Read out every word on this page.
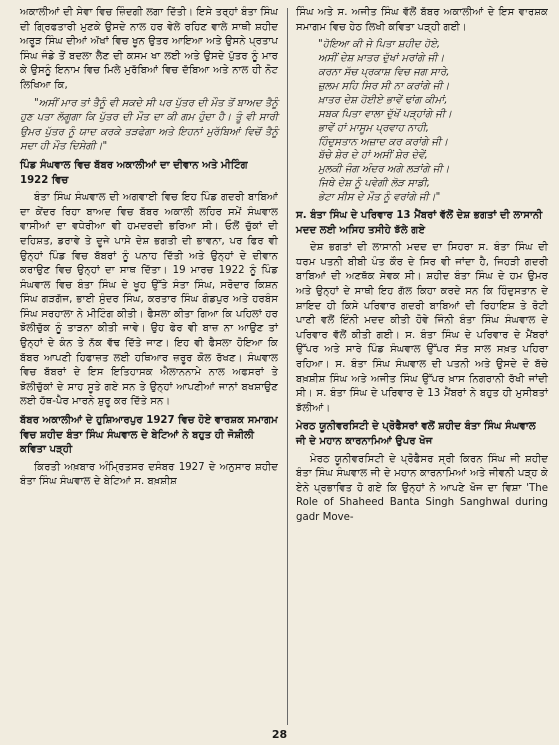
ਅਕਾਲੀਆਂ ਦੀ ਸੇਵਾ ਵਿਚ ਜ਼ਿੰਦਗੀ ਲਗਾ ਦਿੱਤੀ। ਇਸੇ ਤਰ੍ਹਾਂ ਬੰਤਾ ਸਿੰਘ ਦੀ ਗ੍ਰਿਫਤਾਰੀ ਮੁਣਕੇ ਉਸਦੇ ਨਾਲ ਹਰ ਵੇਲੇ ਰਹਿਣ ਵਾਲੇ ਸਾਥੀ ਸ਼ਹੀਦ ਅਰੂੜ ਸਿੰਘ ਦੀਆਂ ਅੱਖਾਂ ਵਿਚ ਖੂਨ ਉਤਰ ਆਇਆ ਅਤੇ ਉਸਨੇ ਪ੍ਰਤਾਪ ਸਿੰਘ ਜੰਡੇ ਤੋਂ ਬਦਲਾ ਲੈਣ ਦੀ ਕਸਮ ਖਾ ਲਈ ਅਤੇ ਉਸਦੇ ਪੁੱਤਰ ਨੂੰ ਮਾਰ ਕੇ ਉਸਨੂੰ ਇਨਾਮ ਵਿਚ ਮਿਲੇ ਮੁਰੱਬਿਆਂ ਵਿਚ ਦੱਬਿਆ ਅਤੇ ਨਾਲ ਹੀ ਨੋਟ ਲਿਖਿਆ ਕਿ,

"ਅਸੀਂ ਮਾਰ ਤਾਂ ਤੈਨੂੰ ਵੀ ਸਕਦੇ ਸੀ ਪਰ ਪੁੱਤਰ ਦੀ ਮੌਤ ਤੋਂ ਬਾਅਦ ਤੈਨੂੰ ਹੁਣ ਪਤਾ ਲੱਗੂਗਾ ਕਿ ਪੁੱਤਰ ਦੀ ਮੌਤ ਦਾ ਕੀ ਗਮ ਹੁੰਦਾ ਹੈ। ਤੂੰ ਵੀ ਸਾਰੀ ਉਮਰ ਪੁੱਤਰ ਨੂੰ ਯਾਦ ਕਰਕੇ ਤੜਫੇਗਾ ਅਤੇ ਇਹਨਾਂ ਮੁਰੱਬਿਆਂ ਵਿਚੋਂ ਤੈਨੂੰ ਸਦਾ ਹੀ ਮੌਤ ਦਿਸੇਗੀ।"

ਪਿੰਡ ਸੰਘਵਾਲ ਵਿਚ ਬੱਬਰ ਅਕਾਲੀਆਂ ਦਾ ਦੀਵਾਨ ਅਤੇ ਮੀਟਿੰਗ 1922 ਵਿਚ

ਬੰਤਾ ਸਿੰਘ ਸੰਘਵਾਲ ਦੀ ਅਗਵਾਈ ਵਿਚ ਇਹ ਪਿੰਡ ਗਦਰੀ ਬਾਬਿਆਂ ਦਾ ਕੇਂਦਰ ਰਿਹਾ ਬਾਅਦ ਵਿਚ ਬੱਬਰ ਅਕਾਲੀ ਲਹਿਰ ਸਮੇਂ ਸੰਘਵਾਲ ਵਾਸੀਆਂ ਦਾ ਵਧੇਰੀਆ ਵੀ ਹਮਦਰਦੀ ਭਰਿਆ ਸੀ। ਓਲੋਂ ਚੁੱਕਾਂ ਦੀ ਦਹਿਸ਼ਤ, ਡਰਾਵੇ ਤੇ ਦੂਜੇ ਪਾਸੇ ਦੇਸ਼ ਭਗਤੀ ਦੀ ਭਾਵਨਾ, ਪਰ ਫਿਰ ਵੀ ਉਨ੍ਹਾਂ ਪਿੰਡ ਵਿਚ ਬੱਬਰਾਂ ਨੂੰ ਪਨਾਹ ਦਿੱਤੀ ਅਤੇ ਉਨ੍ਹਾਂ ਦੇ ਦੀਵਾਨ ਕਰਾਉਣ ਵਿਚ ਉਨ੍ਹਾਂ ਦਾ ਸਾਥ ਦਿੱਤਾ। 19 ਮਾਰਚ 1922 ਨੂੰ ਪਿੰਡ ਸੰਘਵਾਲ ਵਿਚ ਬੰਤਾ ਸਿੰਘ ਦੇ ਖੂਹ ਉੱਤੇ ਸੰਤਾ ਸਿੰਘ, ਸਰੋਦਾਰ ਕਿਸ਼ਨ ਸਿੰਘ ਗੜਗੱਜ, ਭਾਈ ਸੁੰਦਰ ਸਿੰਘ, ਕਰਤਾਰ ਸਿੰਘ ਗੰਡਪੁਰ ਅਤੇ ਹਰਬੰਸ ਸਿੰਘ ਸਰਹਾਲਾ ਨੇ ਮੀਟਿੰਗ ਕੀਤੀ। ਫੈਸਲਾ ਕੀਤਾ ਗਿਆ ਕਿ ਪਹਿਲਾਂ ਹਰ ਝੋਲੀਚੁੱਕ ਨੂੰ ਤਾੜਨਾ ਕੀਤੀ ਜਾਵੇ। ਉਹ ਫੇਰ ਵੀ ਬਾਜ਼ ਨਾ ਆਉਣ ਤਾਂ ਉਨ੍ਹਾਂ ਦੇ ਕੰਨ ਤੇ ਨੱਕ ਵੱਢ ਦਿੱਤੇ ਜਾਣ। ਇਹ ਵੀ ਫੈਸਲਾ ਹੋਇਆ ਕਿ ਬੱਬਰ ਆਪਣੀ ਹਿਫਾਜ਼ਤ ਲਈ ਹਥਿਆਰ ਜ਼ਰੂਰ ਕੋਲ ਰੱਖਣ। ਸੰਘਵਾਲ ਵਿਚ ਬੱਬਰਾਂ ਦੇ ਇਸ ਇਤਿਹਾਸਕ ਐਲਾਨਨਾਮੇ ਨਾਲ ਅਫਸਰਾਂ ਤੇ ਝੋਲੀਚੁੱਕਾਂ ਦੇ ਸਾਹ ਸੂਤੇ ਗਏ ਸਨ ਤੇ ਉਨ੍ਹਾਂ ਆਪਣੀਆਂ ਜਾਨਾਂ ਬਖਸ਼ਾਉਣ ਲਈ ਹੱਥ-ਪੈਰ ਮਾਰਨੇ ਸ਼ੁਰੂ ਕਰ ਦਿੱਤੇ ਸਨ।

ਬੱਬਰ ਅਕਾਲੀਆਂ ਦੇ ਹੁਸ਼ਿਆਰਪੁਰ 1927 ਵਿਚ ਹੋਏ ਵਾਰਸ਼ਕ ਸਮਾਗਮ ਵਿਚ ਸ਼ਹੀਦ ਬੰਤਾ ਸਿੰਘ ਸੰਘਵਾਲ ਦੇ ਬੇਟਿਆਂ ਨੇ ਬਹੁਤ ਹੀ ਜੋਸ਼ੀਲੀ ਕਵਿਤਾ ਪੜ੍ਹੀ

ਕਿਰਤੀ ਅਖ਼ਬਾਰ ਅੰਮ੍ਰਿਤਸਰ ਦਸੰਬਰ 1927 ਦੇ ਅਨੁਸਾਰ ਸ਼ਹੀਦ ਬੰਤਾ ਸਿੰਘ ਸੰਘਵਾਲ ਦੇ ਬੇਟਿਆਂ ਸ. ਬਖ਼ਸ਼ੀਸ਼

ਸਿੰਘ ਅਤੇ ਸ. ਅਜੀਤ ਸਿੰਘ ਵੱਲੋਂ ਬੱਬਰ ਅਕਾਲੀਆਂ ਦੇ ਇਸ ਵਾਰਸ਼ਕ ਸਮਾਗਮ ਵਿਚ ਹੇਠ ਲਿਖੀ ਕਵਿਤਾ ਪੜ੍ਹੀ ਗਈ।

"ਹੋਇਆ ਕੀ ਜੇ ਪਿਤਾ ਸ਼ਹੀਦ ਹੋਏ,
ਅਸੀਂ ਦੇਸ਼ ਖ਼ਾਤਰ ਦੁੱਖਾਂ ਮਰਾਂਗੇ ਜੀ।
ਕਰਨਾ ਸੱਚ ਪ੍ਰਕਾਸ਼ ਵਿਚ ਜਗ ਸਾਰੇ,
ਜ਼ੁਲਮ ਸਹਿ ਸਿਰ ਸੀ ਨਾ ਕਰਾਂਗੇ ਜੀ।
ਖ਼ਾਤਰ ਦੇਸ਼ ਹੋਈਏ ਭਾਵੇਂ ਢਾਂਗ ਕੀਮਾਂ,
ਸਬਕ ਪਿਤਾ ਵਾਲਾ ਦੁੱਖੋਂ ਪੜ੍ਹਾਂਗੇ ਜੀ।
ਭਾਵੇਂ ਹਾਂ ਮਾਸੂਮ ਪ੍ਰਵਾਹ ਨਾਹੀ,
ਹਿੰਦੁਸਤਾਨ ਅਜ਼ਾਦ ਕਰ ਕਰਾਂਗੇ ਜੀ।
ਬੱਚੇ ਸ਼ੇਰ ਦੇ ਹਾਂ ਅਸੀਂ ਸ਼ੇਰ ਦੇਵੇਂ,
ਮੁਲਕੀ ਜੰਗ ਅੰਦਰ ਅਗੇ ਲੜਾਂਗੇ ਜੀ।
ਜਿਥੇ ਦੇਸ਼ ਨੂੰ ਪਵੇਗੀ ਲੋੜ ਸਾਡੀ,
ਭੇਟਾ ਸੀਸ ਦੇ ਮੌਤ ਨੂੰ ਵਰਾਂਗੇ ਜੀ।"
ਸ. ਬੰਤਾ ਸਿੰਘ ਦੇ ਪਰਿਵਾਰ 13 ਮੈਂਬਰਾਂ ਵੱਲੋਂ ਦੇਸ਼ ਭਗਤਾਂ ਦੀ ਲਾਸਾਨੀ ਮਦਦ ਲਈ ਅਸਿਹ ਤਸੀਹੇ ਝੱਲੇ ਗਏ

ਦੇਸ਼ ਭਗਤਾਂ ਦੀ ਲਾਸਾਨੀ ਮਦਦ ਦਾ ਸਿਹਰਾ ਸ. ਬੰਤਾ ਸਿੰਘ ਦੀ ਧਰਮ ਪਤਨੀ ਬੀਬੀ ਪੰਤ ਕੌਰ ਦੇ ਸਿਰ ਵੀ ਜਾਂਦਾ ਹੈ, ਜਿਹੜੀ ਗਦਰੀ ਬਾਬਿਆਂ ਦੀ ਅਣਥੱਕ ਸੇਵਕ ਸੀ। ਸ਼ਹੀਦ ਬੰਤਾ ਸਿੰਘ ਦੇ ਹਮ ਉਮਰ ਅਤੇ ਉਨ੍ਹਾਂ ਦੇ ਸਾਥੀ ਇਹ ਗੱਲ ਕਿਹਾ ਕਰਦੇ ਸਨ ਕਿ ਹਿੰਦੁਸਤਾਨ ਦੇ ਸ਼ਾਇਦ ਹੀ ਕਿਸੇ ਪਰਿਵਾਰ ਗਦਰੀ ਬਾਬਿਆਂ ਦੀ ਰਿਹਾਇਸ਼ ਤੇ ਰੋਟੀ ਪਾਣੀ ਵਲੋਂ ਇੰਨੀ ਮਦਦ ਕੀਤੀ ਹੋਵੇ ਜਿੰਨੀ ਬੰਤਾ ਸਿੰਘ ਸੰਘਵਾਲ ਦੇ ਪਰਿਵਾਰ ਵੱਲੋਂ ਕੀਤੀ ਗਈ। ਸ. ਬੰਤਾ ਸਿੰਘ ਦੇ ਪਰਿਵਾਰ ਦੇ ਮੈਂਬਰਾਂ ਉੱਪਰ ਅਤੇ ਸਾਰੇ ਪਿੰਡ ਸੰਘਵਾਲ ਉੱਪਰ ਸੱਤ ਸਾਲ ਸਖ਼ਤ ਪਹਿਰਾ ਰਹਿਆ। ਸ. ਬੰਤਾ ਸਿੰਘ ਸੰਘਵਾਲ ਦੀ ਪਤਨੀ ਅਤੇ ਉਸਦੇ ਦੋ ਬੱਚੇ ਬਖ਼ਸ਼ੀਸ਼ ਸਿੰਘ ਅਤੇ ਅਜੀਤ ਸਿੰਘ ਉੱਪਰ ਖ਼ਾਸ ਨਿਗਰਾਨੀ ਰੱਖੀ ਜਾਂਦੀ ਸੀ। ਸ. ਬੰਤਾ ਸਿੰਘ ਦੇ ਪਰਿਵਾਰ ਦੇ 13 ਮੈਂਬਰਾਂ ਨੇ ਬਹੁਤ ਹੀ ਮੁਸੀਬਤਾਂ ਝੱਲੀਆਂ।

ਮੇਰਠ ਯੂਨੀਵਰਸਿਟੀ ਦੇ ਪ੍ਰੋਫੈਸਰਾਂ ਵਲੋਂ ਸ਼ਹੀਦ ਬੰਤਾ ਸਿੰਘ ਸੰਘਵਾਲ ਜੀ ਦੇ ਮਹਾਨ ਕਾਰਨਾਮਿਆਂ ਉਪਰ ਖੋਜ

ਮੇਰਠ ਯੂਨੀਵਰਸਿਟੀ ਦੇ ਪ੍ਰੋਫੈਸਰ ਸ੍ਰੀ ਕਿਰਨ ਸਿੰਘ ਜੀ ਸ਼ਹੀਦ ਬੰਤਾ ਸਿੰਘ ਸੰਘਵਾਲ ਜੀ ਦੇ ਮਹਾਨ ਕਾਰਨਾਮਿਆਂ ਅਤੇ ਜੀਵਨੀ ਪੜ੍ਹ ਕੇ ਏਨੇ ਪ੍ਰਭਾਵਿਤ ਹੋ ਗਏ ਕਿ ਉਨ੍ਹਾਂ ਨੇ ਆਪਣੇ ਖੋਜ ਦਾ ਵਿਸ਼ਾ 'The Role of Shaheed Banta Singh Sanghwal during gadr Move-

28
